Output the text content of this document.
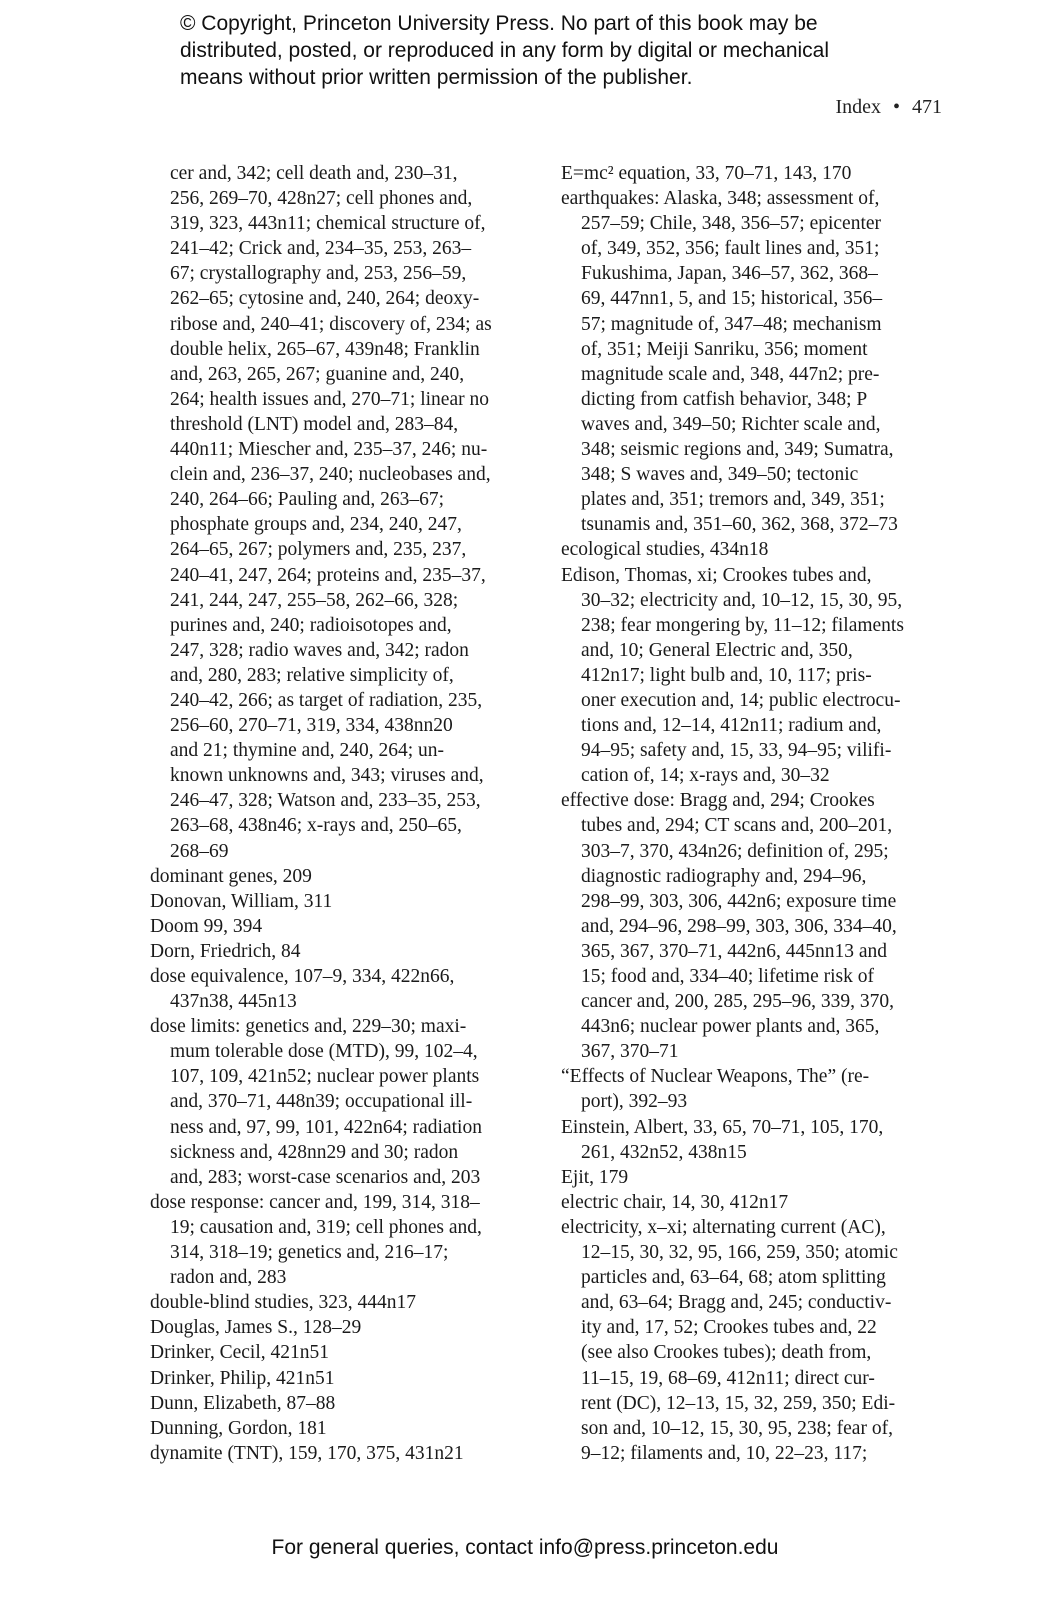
© Copyright, Princeton University Press. No part of this book may be
distributed, posted, or reproduced in any form by digital or mechanical
means without prior written permission of the publisher.
Index • 471
cer and, 342; cell death and, 230–31,
256, 269–70, 428n27; cell phones and,
319, 323, 443n11; chemical structure of,
241–42; Crick and, 234–35, 253, 263–
67; crystallography and, 253, 256–59,
262–65; cytosine and, 240, 264; deoxy-
ribose and, 240–41; discovery of, 234; as
double helix, 265–67, 439n48; Franklin
and, 263, 265, 267; guanine and, 240,
264; health issues and, 270–71; linear no
threshold (LNT) model and, 283–84,
440n11; Miescher and, 235–37, 246; nu-
clein and, 236–37, 240; nucleobases and,
240, 264–66; Pauling and, 263–67;
phosphate groups and, 234, 240, 247,
264–65, 267; polymers and, 235, 237,
240–41, 247, 264; proteins and, 235–37,
241, 244, 247, 255–58, 262–66, 328;
purines and, 240; radioisotopes and,
247, 328; radio waves and, 342; radon
and, 280, 283; relative simplicity of,
240–42, 266; as target of radiation, 235,
256–60, 270–71, 319, 334, 438nn20
and 21; thymine and, 240, 264; un-
known unknowns and, 343; viruses and,
246–47, 328; Watson and, 233–35, 253,
263–68, 438n46; x-rays and, 250–65,
268–69
dominant genes, 209
Donovan, William, 311
Doom 99, 394
Dorn, Friedrich, 84
dose equivalence, 107–9, 334, 422n66,
437n38, 445n13
dose limits: genetics and, 229–30; maxi-
mum tolerable dose (MTD), 99, 102–4,
107, 109, 421n52; nuclear power plants
and, 370–71, 448n39; occupational ill-
ness and, 97, 99, 101, 422n64; radiation
sickness and, 428nn29 and 30; radon
and, 283; worst-case scenarios and, 203
dose response: cancer and, 199, 314, 318–
19; causation and, 319; cell phones and,
314, 318–19; genetics and, 216–17;
radon and, 283
double-blind studies, 323, 444n17
Douglas, James S., 128–29
Drinker, Cecil, 421n51
Drinker, Philip, 421n51
Dunn, Elizabeth, 87–88
Dunning, Gordon, 181
dynamite (TNT), 159, 170, 375, 431n21
E=mc² equation, 33, 70–71, 143, 170
earthquakes: Alaska, 348; assessment of,
257–59; Chile, 348, 356–57; epicenter
of, 349, 352, 356; fault lines and, 351;
Fukushima, Japan, 346–57, 362, 368–
69, 447nn1, 5, and 15; historical, 356–
57; magnitude of, 347–48; mechanism
of, 351; Meiji Sanriku, 356; moment
magnitude scale and, 348, 447n2; pre-
dicting from catfish behavior, 348; P
waves and, 349–50; Richter scale and,
348; seismic regions and, 349; Sumatra,
348; S waves and, 349–50; tectonic
plates and, 351; tremors and, 349, 351;
tsunamis and, 351–60, 362, 368, 372–73
ecological studies, 434n18
Edison, Thomas, xi; Crookes tubes and,
30–32; electricity and, 10–12, 15, 30, 95,
238; fear mongering by, 11–12; filaments
and, 10; General Electric and, 350,
412n17; light bulb and, 10, 117; pris-
oner execution and, 14; public electrocu-
tions and, 12–14, 412n11; radium and,
94–95; safety and, 15, 33, 94–95; vilifi-
cation of, 14; x-rays and, 30–32
effective dose: Bragg and, 294; Crookes
tubes and, 294; CT scans and, 200–201,
303–7, 370, 434n26; definition of, 295;
diagnostic radiography and, 294–96,
298–99, 303, 306, 442n6; exposure time
and, 294–96, 298–99, 303, 306, 334–40,
365, 367, 370–71, 442n6, 445nn13 and
15; food and, 334–40; lifetime risk of
cancer and, 200, 285, 295–96, 339, 370,
443n6; nuclear power plants and, 365,
367, 370–71
“Effects of Nuclear Weapons, The” (re-
port), 392–93
Einstein, Albert, 33, 65, 70–71, 105, 170,
261, 432n52, 438n15
Ejit, 179
electric chair, 14, 30, 412n17
electricity, x–xi; alternating current (AC),
12–15, 30, 32, 95, 166, 259, 350; atomic
particles and, 63–64, 68; atom splitting
and, 63–64; Bragg and, 245; conductiv-
ity and, 17, 52; Crookes tubes and, 22
(see also Crookes tubes); death from,
11–15, 19, 68–69, 412n11; direct cur-
rent (DC), 12–13, 15, 32, 259, 350; Edi-
son and, 10–12, 15, 30, 95, 238; fear of,
9–12; filaments and, 10, 22–23, 117;
For general queries, contact info@press.princeton.edu
